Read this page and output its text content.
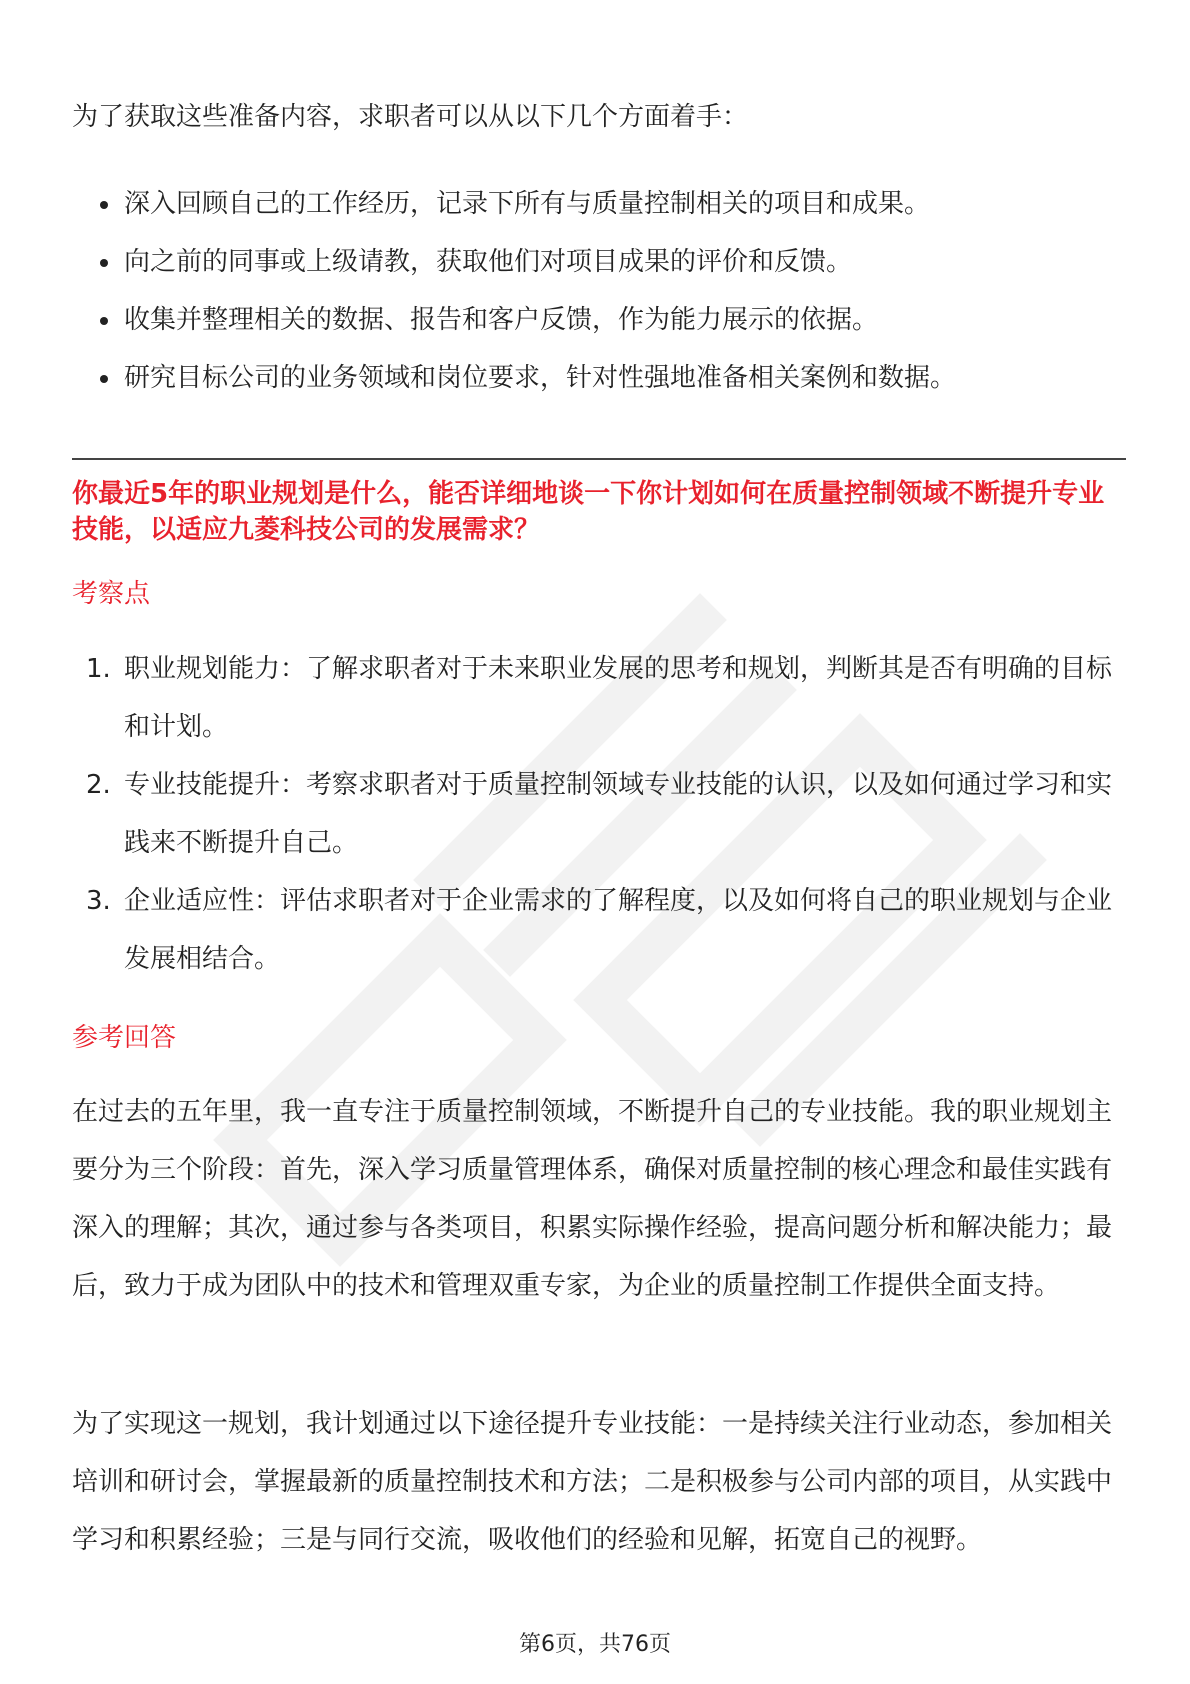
为了获取这些准备内容，求职者可以从以下几个方面着手：

深入回顾自己的工作经历，记录下所有与质量控制相关的项目和成果。
向之前的同事或上级请教，获取他们对项目成果的评价和反馈。
收集并整理相关的数据、报告和客户反馈，作为能力展示的依据。
研究目标公司的业务领域和岗位要求，针对性强地准备相关案例和数据。

你最近5年的职业规划是什么，能否详细地谈一下你计划如何在质量控制领域不断提升专业技能，以适应九菱科技公司的发展需求？

考察点
1. 职业规划能力：了解求职者对于未来职业发展的思考和规划，判断其是否有明确的目标和计划。
2. 专业技能提升：考察求职者对于质量控制领域专业技能的认识，以及如何通过学习和实践来不断提升自己。
3. 企业适应性：评估求职者对于企业需求的了解程度，以及如何将自己的职业规划与企业发展相结合。
参考回答

在过去的五年里，我一直专注于质量控制领域，不断提升自己的专业技能。我的职业规划主要分为三个阶段：首先，深入学习质量管理体系，确保对质量控制的核心理念和最佳实践有深入的理解；其次，通过参与各类项目，积累实际操作经验，提高问题分析和解决能力；最后，致力于成为团队中的技术和管理双重专家，为企业的质量控制工作提供全面支持。

为了实现这一规划，我计划通过以下途径提升专业技能：一是持续关注行业动态，参加相关培训和研讨会，掌握最新的质量控制技术和方法；二是积极参与公司内部的项目，从实践中学习和积累经验；三是与同行交流，吸收他们的经验和见解，拓宽自己的视野。

第6页，共76页
